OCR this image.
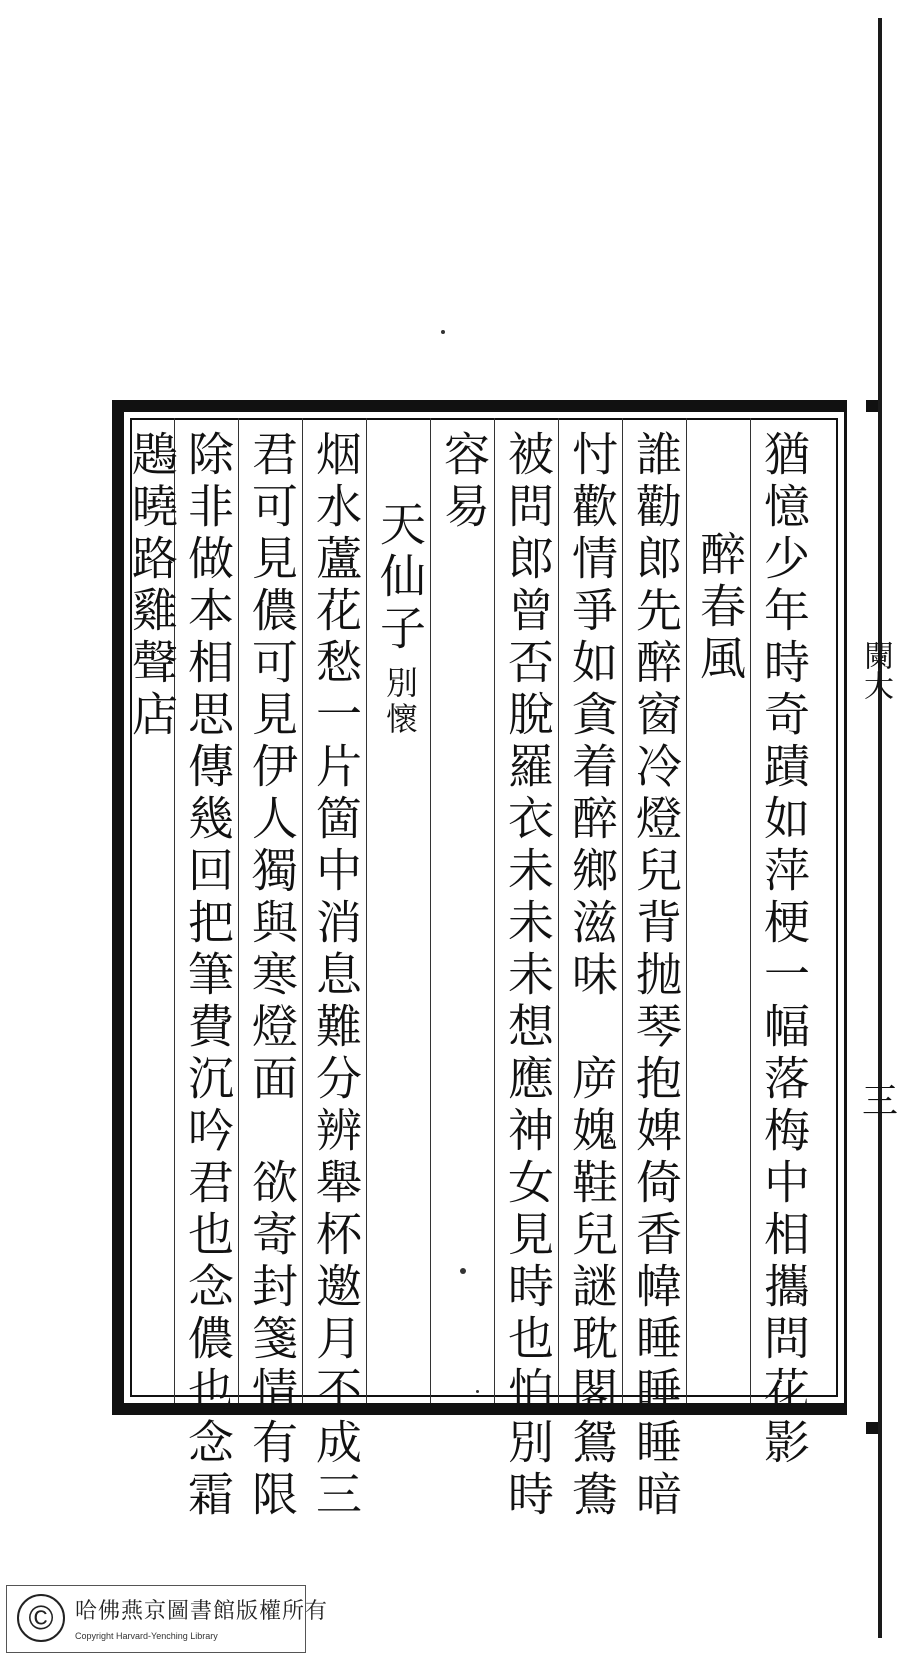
闌大
三
猶憶少年時奇蹟如萍梗一幅落梅中相攜問花影
醉春風
誰勸郎先醉窗冷燈兒背抛琴抱婢倚香幃睡睡睡暗
忖歡情爭如貪着醉鄉滋味　㡿媿鞋兒謎耽閣鴛鴦
被問郎曾否脫羅衣未未未想應神女見時也怕別時
容易
天仙子別懷
烟水蘆花愁一片箇中消息難分辨舉杯邀月不成三
君可見儂可見伊人獨與寒燈面　欲寄封箋情有限
除非做本相思傳幾回把筆費沉吟君也念儂也念霜
鶗曉路雞聲店
© 哈佛燕京圖書館版權所有
Copyright Harvard-Yenching Library
